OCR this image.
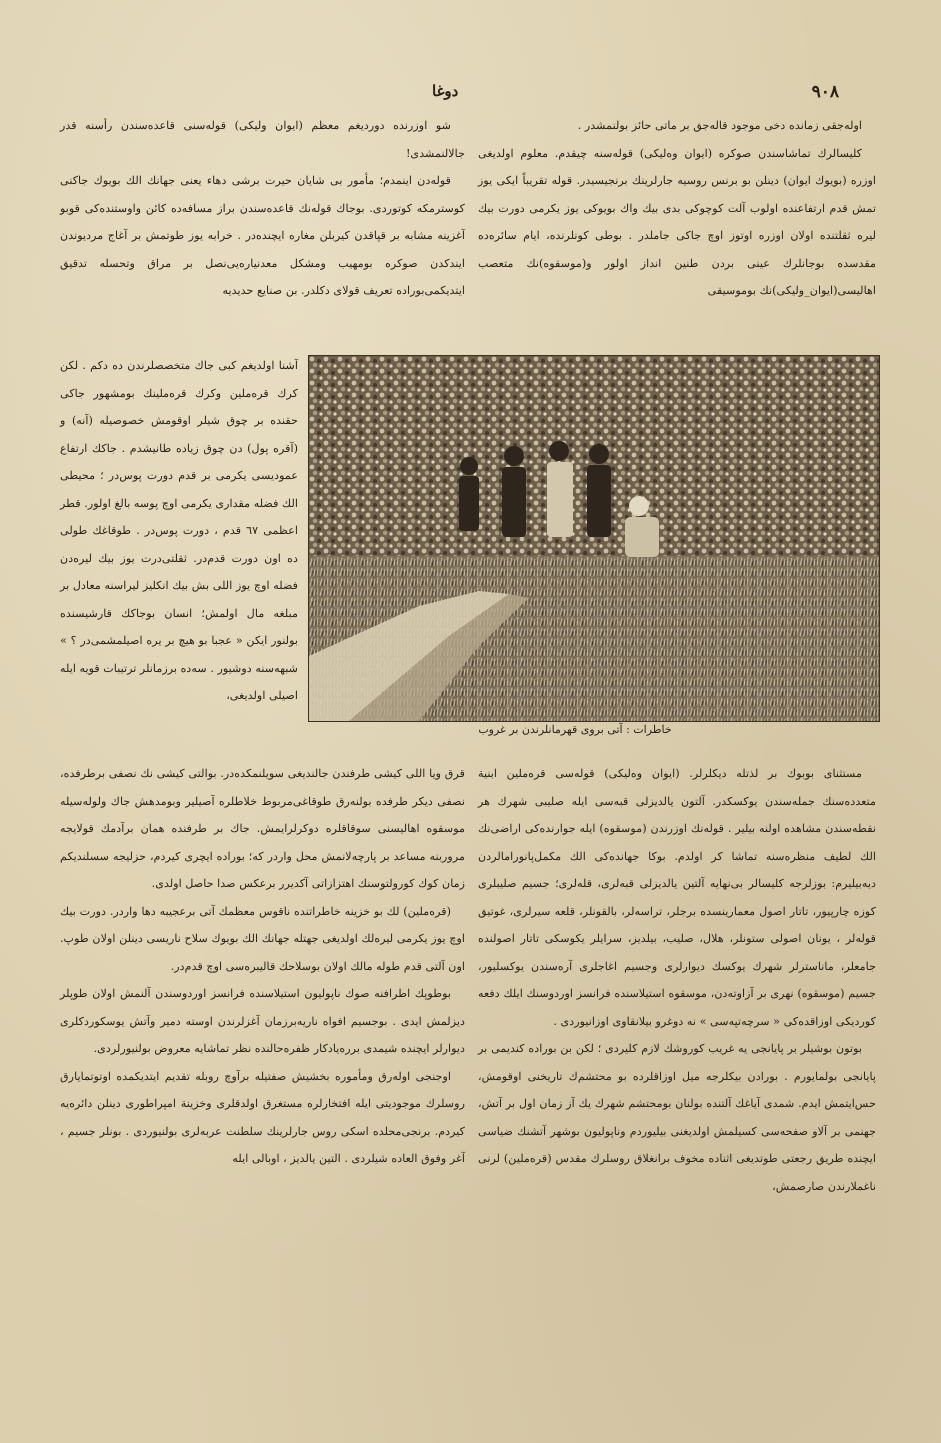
٩٠٨
دوغا

اولەجقی زماندە دخی موجود قالەجق بر ماتی حائز بولنمشدر .

کلیسالرك تماشاسندن صوکرە (ایوان وەلیکی) قولەسنە چیقدم. معلوم اولدیغی اوزرە (بویوك ایوان) دینلن بو برنس روسیە جارلرینك برنجیسیدر. قولە تقریباً ایکی یوز تمش قدم ارتفاعندە اولوب آلت کوچوکی بدی بیك واك بویوکی یوز یکرمی دورت بیك لیرە ثقلتندە اولان اوزرە اوتوز اوچ جاکی جاملدر . بوطی کونلرندە، ایام سائرەدە مقدسدە بوجانلرك عینی بردن طنین انداز اولور و(موسقوه)نك متعصب اهالیسی(ایوان_ولیکی)نك بوموسیقی

شو اوزرندە دوردیغم معظم (ایوان ولیکی) قولەسنی قاعدەسندن رأسنە قدر جالالنمشدی!

قولەدن اینمدم؛ مأمور بی شایان حیرت برشی دهاء یعنی جهانك الك بویوك جاکنی کوسترمكە کوتوردی. بوجاك قولەنك قاعدەسندن براز مسافەدە کائن واوستندەکی قوبو آغزینە مشابە بر قپاقدن کیربلن مغارە ایچندەدر . خرابە یوز طوتمش بر آغاج مردیوندن ایندکدن صوکرە بومهیب ومشکل معدنیارەیی‌نصل بر مراق وتحسلە تدقیق ایتدیکمی‌بوراده تعریف قولای دکلدر. بن صنایع حدیدیە

آشنا اولدیغم کبی جاك متخصصلرندن دە دکم . لکن کرك قرەملین وکرك قرەملینك بومشهور جاکی حقندە بر چوق شیلر اوقومش خصوصیلە (آنە) و (آقرە پول) دن چوق زیادە طانیشدم . جاکك ارتفاع عمودیسی یکرمی بر قدم دورت پوس‌در ؛ محیطی الك فضلە مقداری یکرمی اوچ پوسە بالغ اولور. قطر اعظمی ٦٧ قدم ، دورت پوس‌در . طوقاغك طولی دە اون دورت قدم‌در. ثقلتی‌درت یوز بیك لیرەدن فضلە اوچ یوز اللی بش بیك انکلیز لیراسنە معادل بر مبلغە مال اولمش؛ انسان بوجاکك قارشیسندە بولنور ایکن « عجبا بو هیچ بر یرە اصیلمشمی‌در ؟ » شبهەسنە دوشیور . سەدە برزمانلر ترتیبات قویە ایلە اصیلی اولدیغی،

خاطرات : آتی بروی قهرمانلرندن بر غروب

مستثنای بوبوك بر لذتلە دیکلرلر. (ایوان وەلیکی) قولەسی قرەملین ابنیة متعددەسنك جملەسندن یوکسکدر. آلتون یالدیزلی قبەسی ایلە صلیبی شهرك هر نقطەسندن مشاهدە اولنە بیلیر . قولەنك اوزرندن (موسقوه) ایلە جوارندەکی اراضی‌نك الك لطیف منظرەسنە تماشا کر اولدم. بوکا جهاندەکی الك مکمل‌پانورامالردن دیەبیلیرم: بوزلرجە کلیسالر بی‌نهایە آلتین یالدیزلی قبەلری، قلەلری؛ جسیم صلیبلری کوزە چارپیور، تاتار اصول معمارینسدە برجلر، تراسەلر، بالقونلر، قلعە سیرلری، غوتیق قولەلر ، یونان اصولی ستونلر، هلال، صلیب، بیلدیز، سرایلر یکوسکی تاتار اصولندە جامعلر، ماناسترلر شهرك یوکسك دیوارلری وجسیم اغاجلری آرەسندن یوکسلیور، جسیم (موسقوه) نهری بر آزاوتەدن، موسقوه استیلاسندە فرانسز اوردوسنك ایلك دفعە کوردیکی اوزاقدەکی « سرچەتپەسی » نە دوغرو بیلانقاوی اوزانیوردی .

بوتون بوشیلر بر پایانجی یە غریب کوروشك لازم کلیردی ؛ لکن بن بوراده کندیمی بر پایانجی بولمایورم . بورادن بیکلرجە میل اوزاقلردە بو محتشم‌ك تاریخنی اوقومش، حس‌ایتمش ایدم. شمدی آیاغك آلتندە بولنان بومحتشم شهرك یك آز زمان اول بر آتش، جهنمی بر آلاو صفحەسی کسیلمش اولدیغنی بیلیوردم وناپولیون بوشهر آتشنك ضیاسی ایچندە طریق رجعتی طوتدیغی اثنادە مخوف برانغلاق روسلرك مقدس (قرەملین) لرنی ناغملارندن صارصمش،

قرق ویا اللی کیشی طرفندن جالندیغی سویلنمکدەدر. بوالتی کیشی نك نصفی برطرفدە، نصفی دیکر طرفدە بولنەرق طوقاغی‌مربوط خلاطلرە آصیلیر وبومدهش جاك ولولەسیلە موسقوه اهالیسنی سوقاقلرە دوکرلرایمش. جاك بر طرفندە همان برآدمك قولایجە مروربنە مساعد بر پارچەلانمش محل واردر کە؛ بوراده ایچری کیردم، حزلیجە سسلندیکم زمان کوك کورولتوسنك اهتزازاتی آکدیرر برعکس صدا حاصل اولدی.

(قرەملین) لك بو خزینە خاطراتندە ناقوس معظمك آتی برعجیبە دها واردر. دورت بیك اوچ یوز یکرمی لیرەلك اولدیغی جهتلە جهانك الك بویوك سلاح ناریسی دینلن اولان طوپ. اون آلتی قدم طولە مالك اولان بوسلاحك قالیبرەسی اوچ قدم‌در.

بوطوپك اطرافنە صوك ناپولیون استیلاسندە فرانسز اوردوسندن آلنمش اولان طوپلر دیزلمش ایدی . بوجسیم افواه ناریەبرزمان آغزلرندن اوستە دمیر وآتش یوسکوردکلری دیوارلر ایچندە شیمدی بررەیادکار ظفرەحالندە نظر تماشایە معروض بولنیورلردی.

اوجنجی اولەرق ومأمورە بخشیش صفتیلە برآوچ روبلە تقدیم ایتدیکمدە اوتوتمایارق روسلرك موجودیتی ایلە افتخارلرە مستغرق اولدقلری وخزینة امپراطوری دینلن دائرەیە کیردم. برنجی‌محلدە اسکی روس جارلرینك سلطنت عربەلری بولنیوردی . بونلر جسیم ، آغر وفوق العادە شیلردی . التین یالدیز ، اوبالی ایلە
